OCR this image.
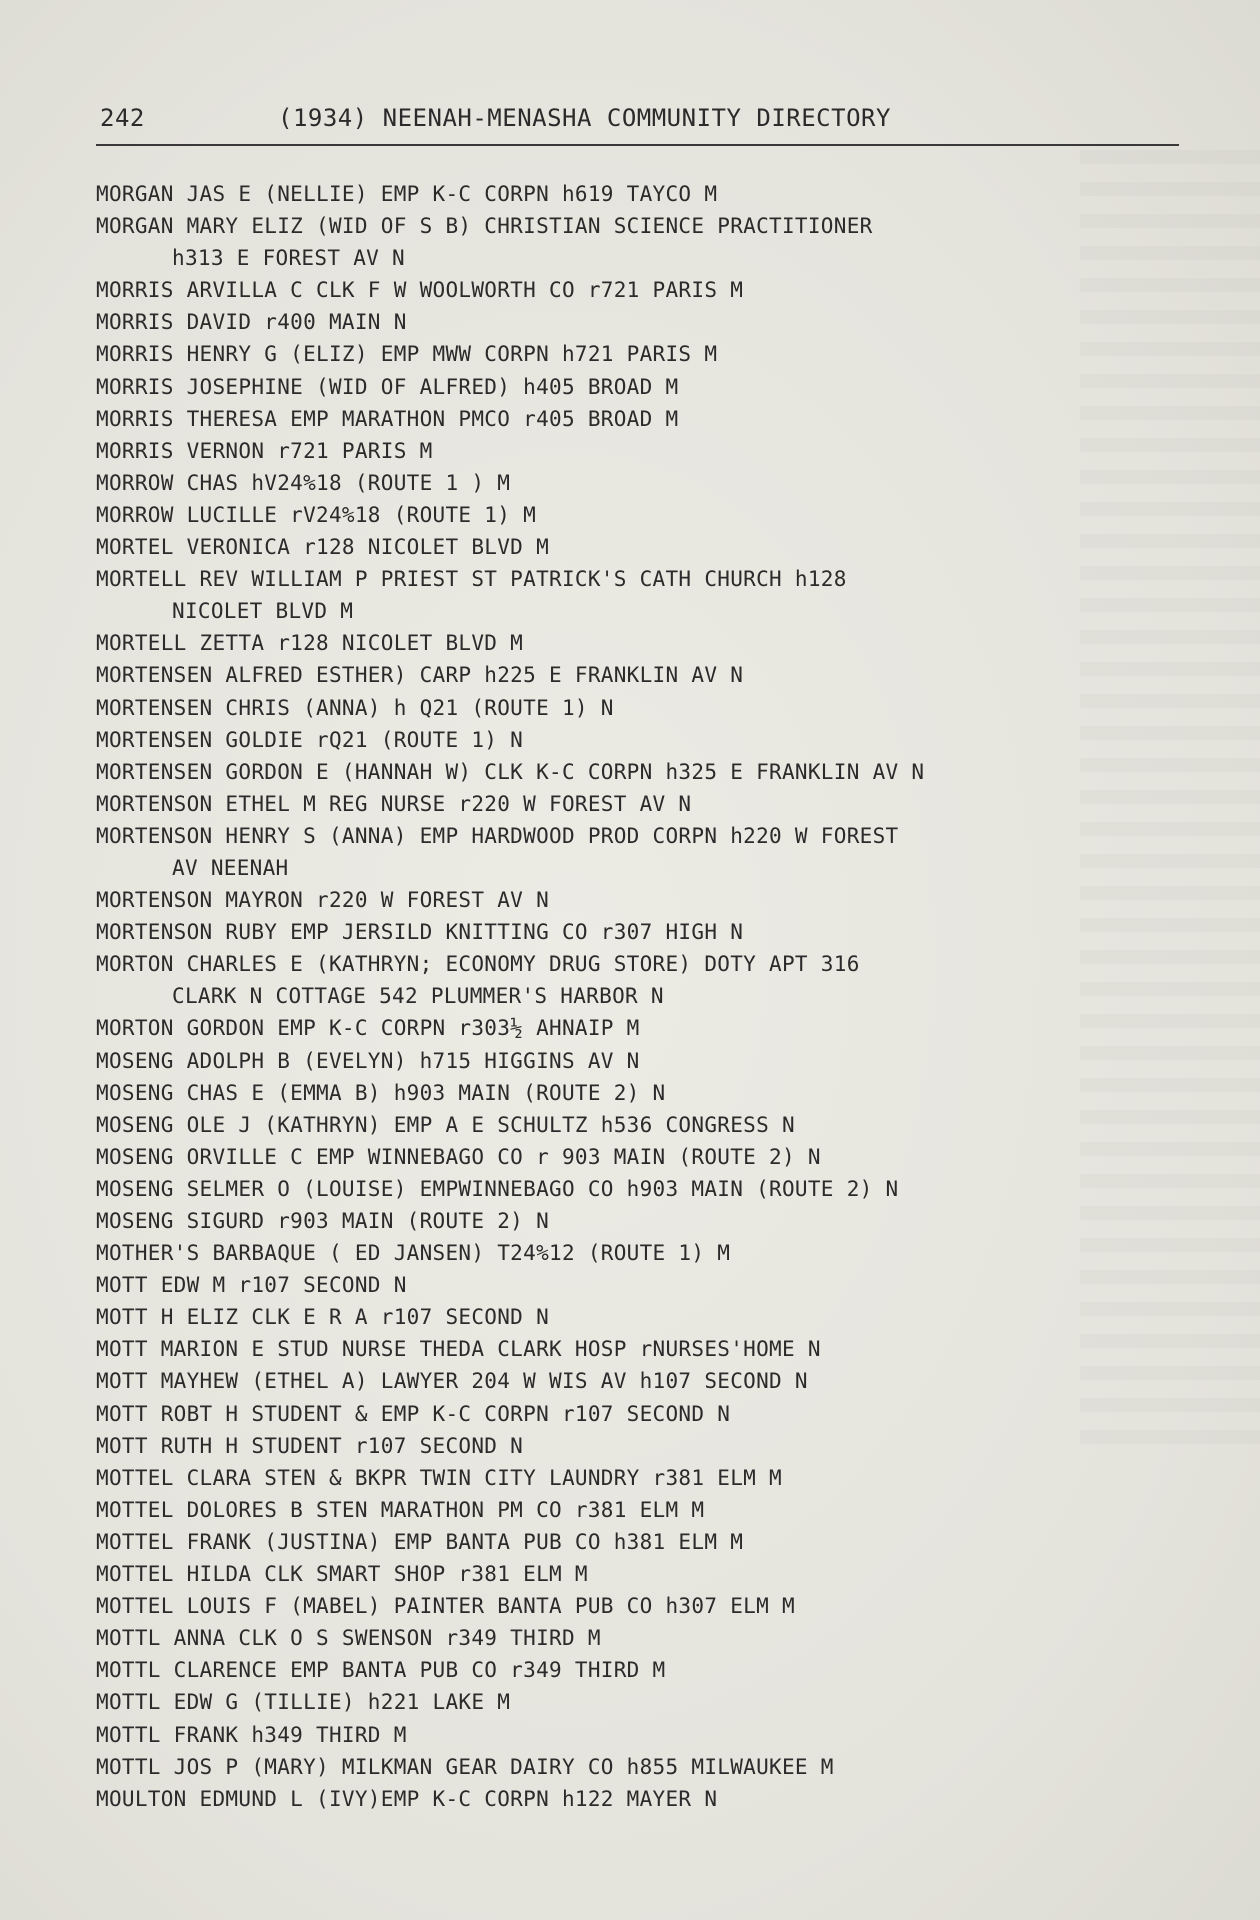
242	(1934) NEENAH-MENASHA COMMUNITY DIRECTORY
MORGAN JAS E (NELLIE) EMP K-C CORPN h619 TAYCO M
MORGAN MARY ELIZ (WID OF S B) CHRISTIAN SCIENCE PRACTITIONER
h313 E FOREST AV N
MORRIS ARVILLA C CLK F W WOOLWORTH CO r721 PARIS M
MORRIS DAVID r400 MAIN N
MORRIS HENRY G (ELIZ) EMP MWW CORPN h721 PARIS M
MORRIS JOSEPHINE (WID OF ALFRED) h405 BROAD M
MORRIS THERESA EMP MARATHON PMCO r405 BROAD M
MORRIS VERNON r721 PARIS M
MORROW CHAS hV24%18 (ROUTE 1 ) M
MORROW LUCILLE rV24%18 (ROUTE 1) M
MORTEL VERONICA r128 NICOLET BLVD M
MORTELL REV WILLIAM P PRIEST ST PATRICK'S CATH CHURCH h128
NICOLET BLVD M
MORTELL ZETTA r128 NICOLET BLVD M
MORTENSEN ALFRED ESTHER) CARP h225 E FRANKLIN AV N
MORTENSEN CHRIS (ANNA) h Q21 (ROUTE 1) N
MORTENSEN GOLDIE rQ21 (ROUTE 1) N
MORTENSEN GORDON E (HANNAH W) CLK K-C CORPN h325 E FRANKLIN AV N
MORTENSON ETHEL M REG NURSE r220 W FOREST AV N
MORTENSON HENRY S (ANNA) EMP HARDWOOD PROD CORPN h220 W FOREST
AV NEENAH
MORTENSON MAYRON r220 W FOREST AV N
MORTENSON RUBY EMP JERSILD KNITTING CO r307 HIGH N
MORTON CHARLES E (KATHRYN; ECONOMY DRUG STORE) DOTY APT 316
CLARK N COTTAGE 542 PLUMMER'S HARBOR N
MORTON GORDON EMP K-C CORPN r303½ AHNAIP M
MOSENG ADOLPH B (EVELYN) h715 HIGGINS AV N
MOSENG CHAS E (EMMA B) h903 MAIN (ROUTE 2) N
MOSENG OLE J (KATHRYN) EMP A E SCHULTZ h536 CONGRESS N
MOSENG ORVILLE C EMP WINNEBAGO CO r 903 MAIN (ROUTE 2) N
MOSENG SELMER O (LOUISE) EMPWINNEBAGO CO h903 MAIN (ROUTE 2) N
MOSENG SIGURD r903 MAIN (ROUTE 2) N
MOTHER'S BARBAQUE ( ED JANSEN) T24%12 (ROUTE 1) M
MOTT EDW M r107 SECOND N
MOTT H ELIZ CLK E R A r107 SECOND N
MOTT MARION E STUD NURSE THEDA CLARK HOSP rNURSES'HOME N
MOTT MAYHEW (ETHEL A) LAWYER 204 W WIS AV h107 SECOND N
MOTT ROBT H STUDENT & EMP K-C CORPN r107 SECOND N
MOTT RUTH H STUDENT r107 SECOND N
MOTTEL CLARA STEN & BKPR TWIN CITY LAUNDRY r381 ELM M
MOTTEL DOLORES B STEN MARATHON PM CO r381 ELM M
MOTTEL FRANK (JUSTINA) EMP BANTA PUB CO h381 ELM M
MOTTEL HILDA CLK SMART SHOP r381 ELM M
MOTTEL LOUIS F (MABEL) PAINTER BANTA PUB CO h307 ELM M
MOTTL ANNA CLK O S SWENSON r349 THIRD M
MOTTL CLARENCE EMP BANTA PUB CO r349 THIRD M
MOTTL EDW G (TILLIE) h221 LAKE M
MOTTL FRANK h349 THIRD M
MOTTL JOS P (MARY) MILKMAN GEAR DAIRY CO h855 MILWAUKEE M
MOULTON EDMUND L (IVY)EMP K-C CORPN h122 MAYER N
